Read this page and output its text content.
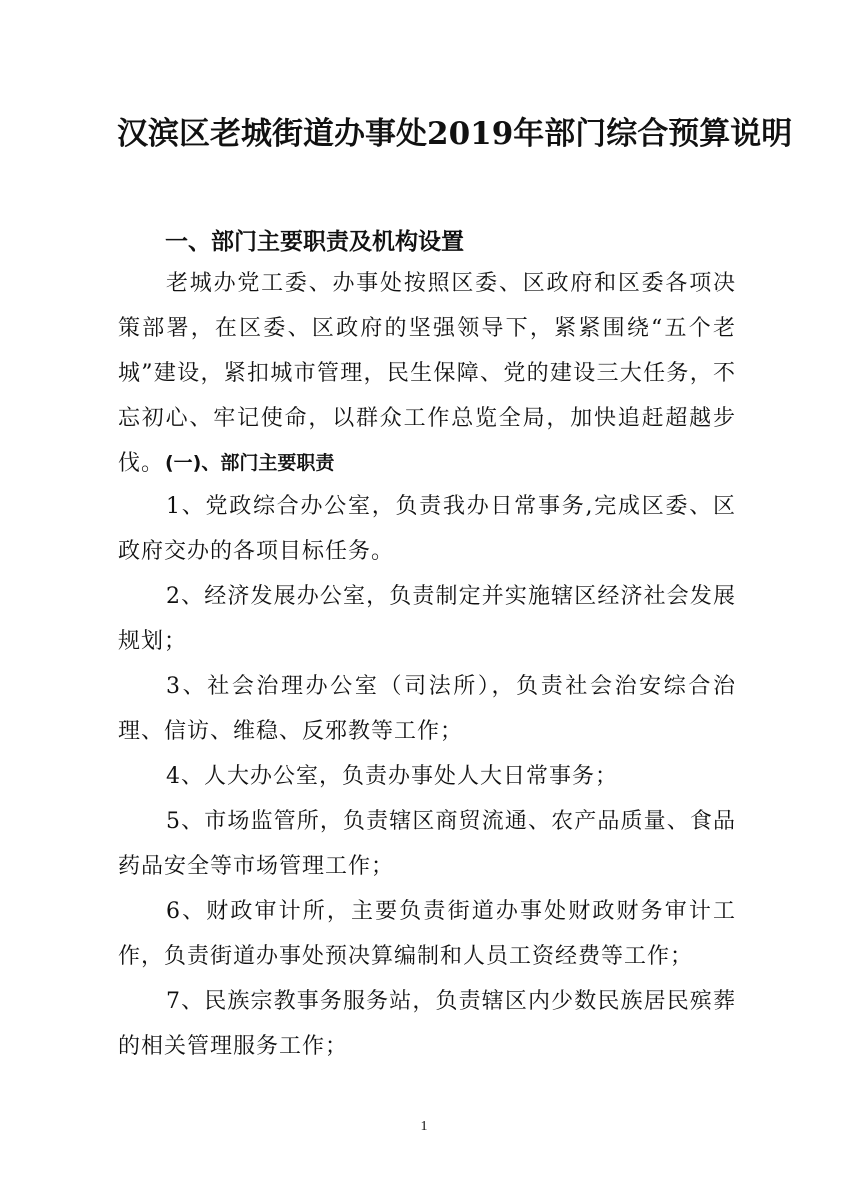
汉滨区老城街道办事处2019年部门综合预算说明
一、部门主要职责及机构设置
老城办党工委、办事处按照区委、区政府和区委各项决策部署，在区委、区政府的坚强领导下，紧紧围绕“五个老城”建设，紧扣城市管理，民生保障、党的建设三大任务，不忘初心、牢记使命，以群众工作总览全局，加快追赶超越步伐。 (一)、部门主要职责
1、党政综合办公室，负责我办日常事务,完成区委、区政府交办的各项目标任务。
2、经济发展办公室，负责制定并实施辖区经济社会发展规划；
3、社会治理办公室（司法所），负责社会治安综合治理、信访、维稳、反邪教等工作；
4、人大办公室，负责办事处人大日常事务；
5、市场监管所，负责辖区商贸流通、农产品质量、食品药品安全等市场管理工作；
6、财政审计所，主要负责街道办事处财政财务审计工作，负责街道办事处预决算编制和人员工资经费等工作；
7、民族宗教事务服务站，负责辖区内少数民族居民殡葬的相关管理服务工作；
1
